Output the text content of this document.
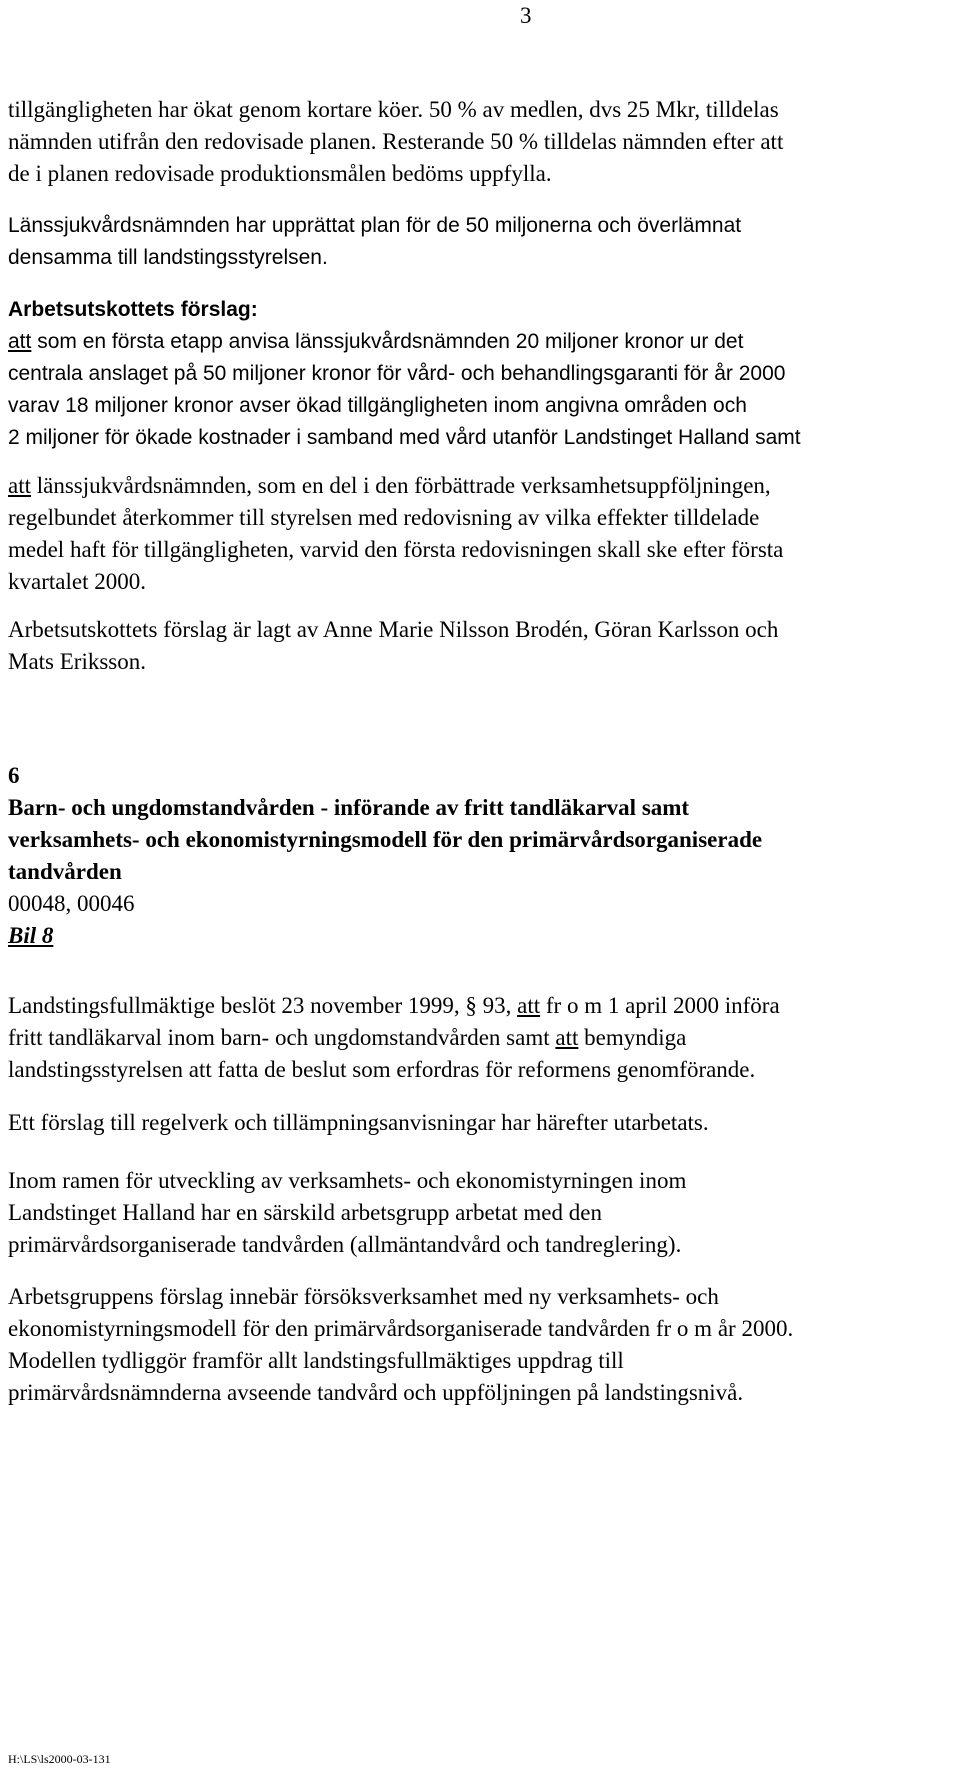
3
tillgängligheten har ökat genom kortare köer. 50 % av medlen, dvs 25 Mkr, tilldelas
nämnden utifrån den redovisade planen. Resterande 50 % tilldelas nämnden efter att
de i planen redovisade produktionsmålen bedöms uppfylla.
Länssjukvårdsnämnden har upprättat plan för de 50 miljonerna och överlämnat
densamma till landstingsstyrelsen.
Arbetsutskottets förslag:
att som en första etapp anvisa länssjukvårdsnämnden 20 miljoner kronor ur det
centrala anslaget på 50 miljoner kronor för vård- och behandlingsgaranti för år 2000
varav 18 miljoner kronor avser ökad tillgängligheten inom angivna områden och
2 miljoner för ökade kostnader i samband med vård utanför Landstinget Halland samt
att länssjukvårdsnämnden, som en del i den förbättrade verksamhetsuppföljningen,
regelbundet återkommer till styrelsen med redovisning av vilka effekter tilldelade
medel haft för tillgängligheten, varvid den första redovisningen skall ske efter första
kvartalet 2000.
Arbetsutskottets förslag är lagt av Anne Marie Nilsson Brodén, Göran Karlsson och
Mats Eriksson.
6
Barn- och ungdomstandvården - införande av fritt tandläkarval samt
verksamhets- och ekonomistyrningsmodell för den primärvårdsorganiserade
tandvården
00048, 00046
Bil 8
Landstingsfullmäktige beslöt 23 november 1999, § 93, att fr o m 1 april 2000 införa
fritt tandläkarval inom barn- och ungdomstandvården samt att bemyndiga
landstingsstyrelsen att fatta de beslut som erfordras för reformens genomförande.
Ett förslag till regelverk och tillämpningsanvisningar har härefter utarbetats.
Inom ramen för utveckling av verksamhets- och ekonomistyrningen inom
Landstinget Halland har en särskild arbetsgrupp arbetat med den
primärvårdsorganiserade tandvården (allmäntandvård och tandreglering).
Arbetsgruppens förslag innebär försöksverksamhet med ny verksamhets- och
ekonomistyrningsmodell för den primärvårdsorganiserade tandvården fr o m år 2000.
Modellen tydliggör framför allt landstingsfullmäktiges uppdrag till
primärvårdsnämnderna avseende tandvård och uppföljningen på landstingsnivå.
H:\LS\ls2000-03-131
